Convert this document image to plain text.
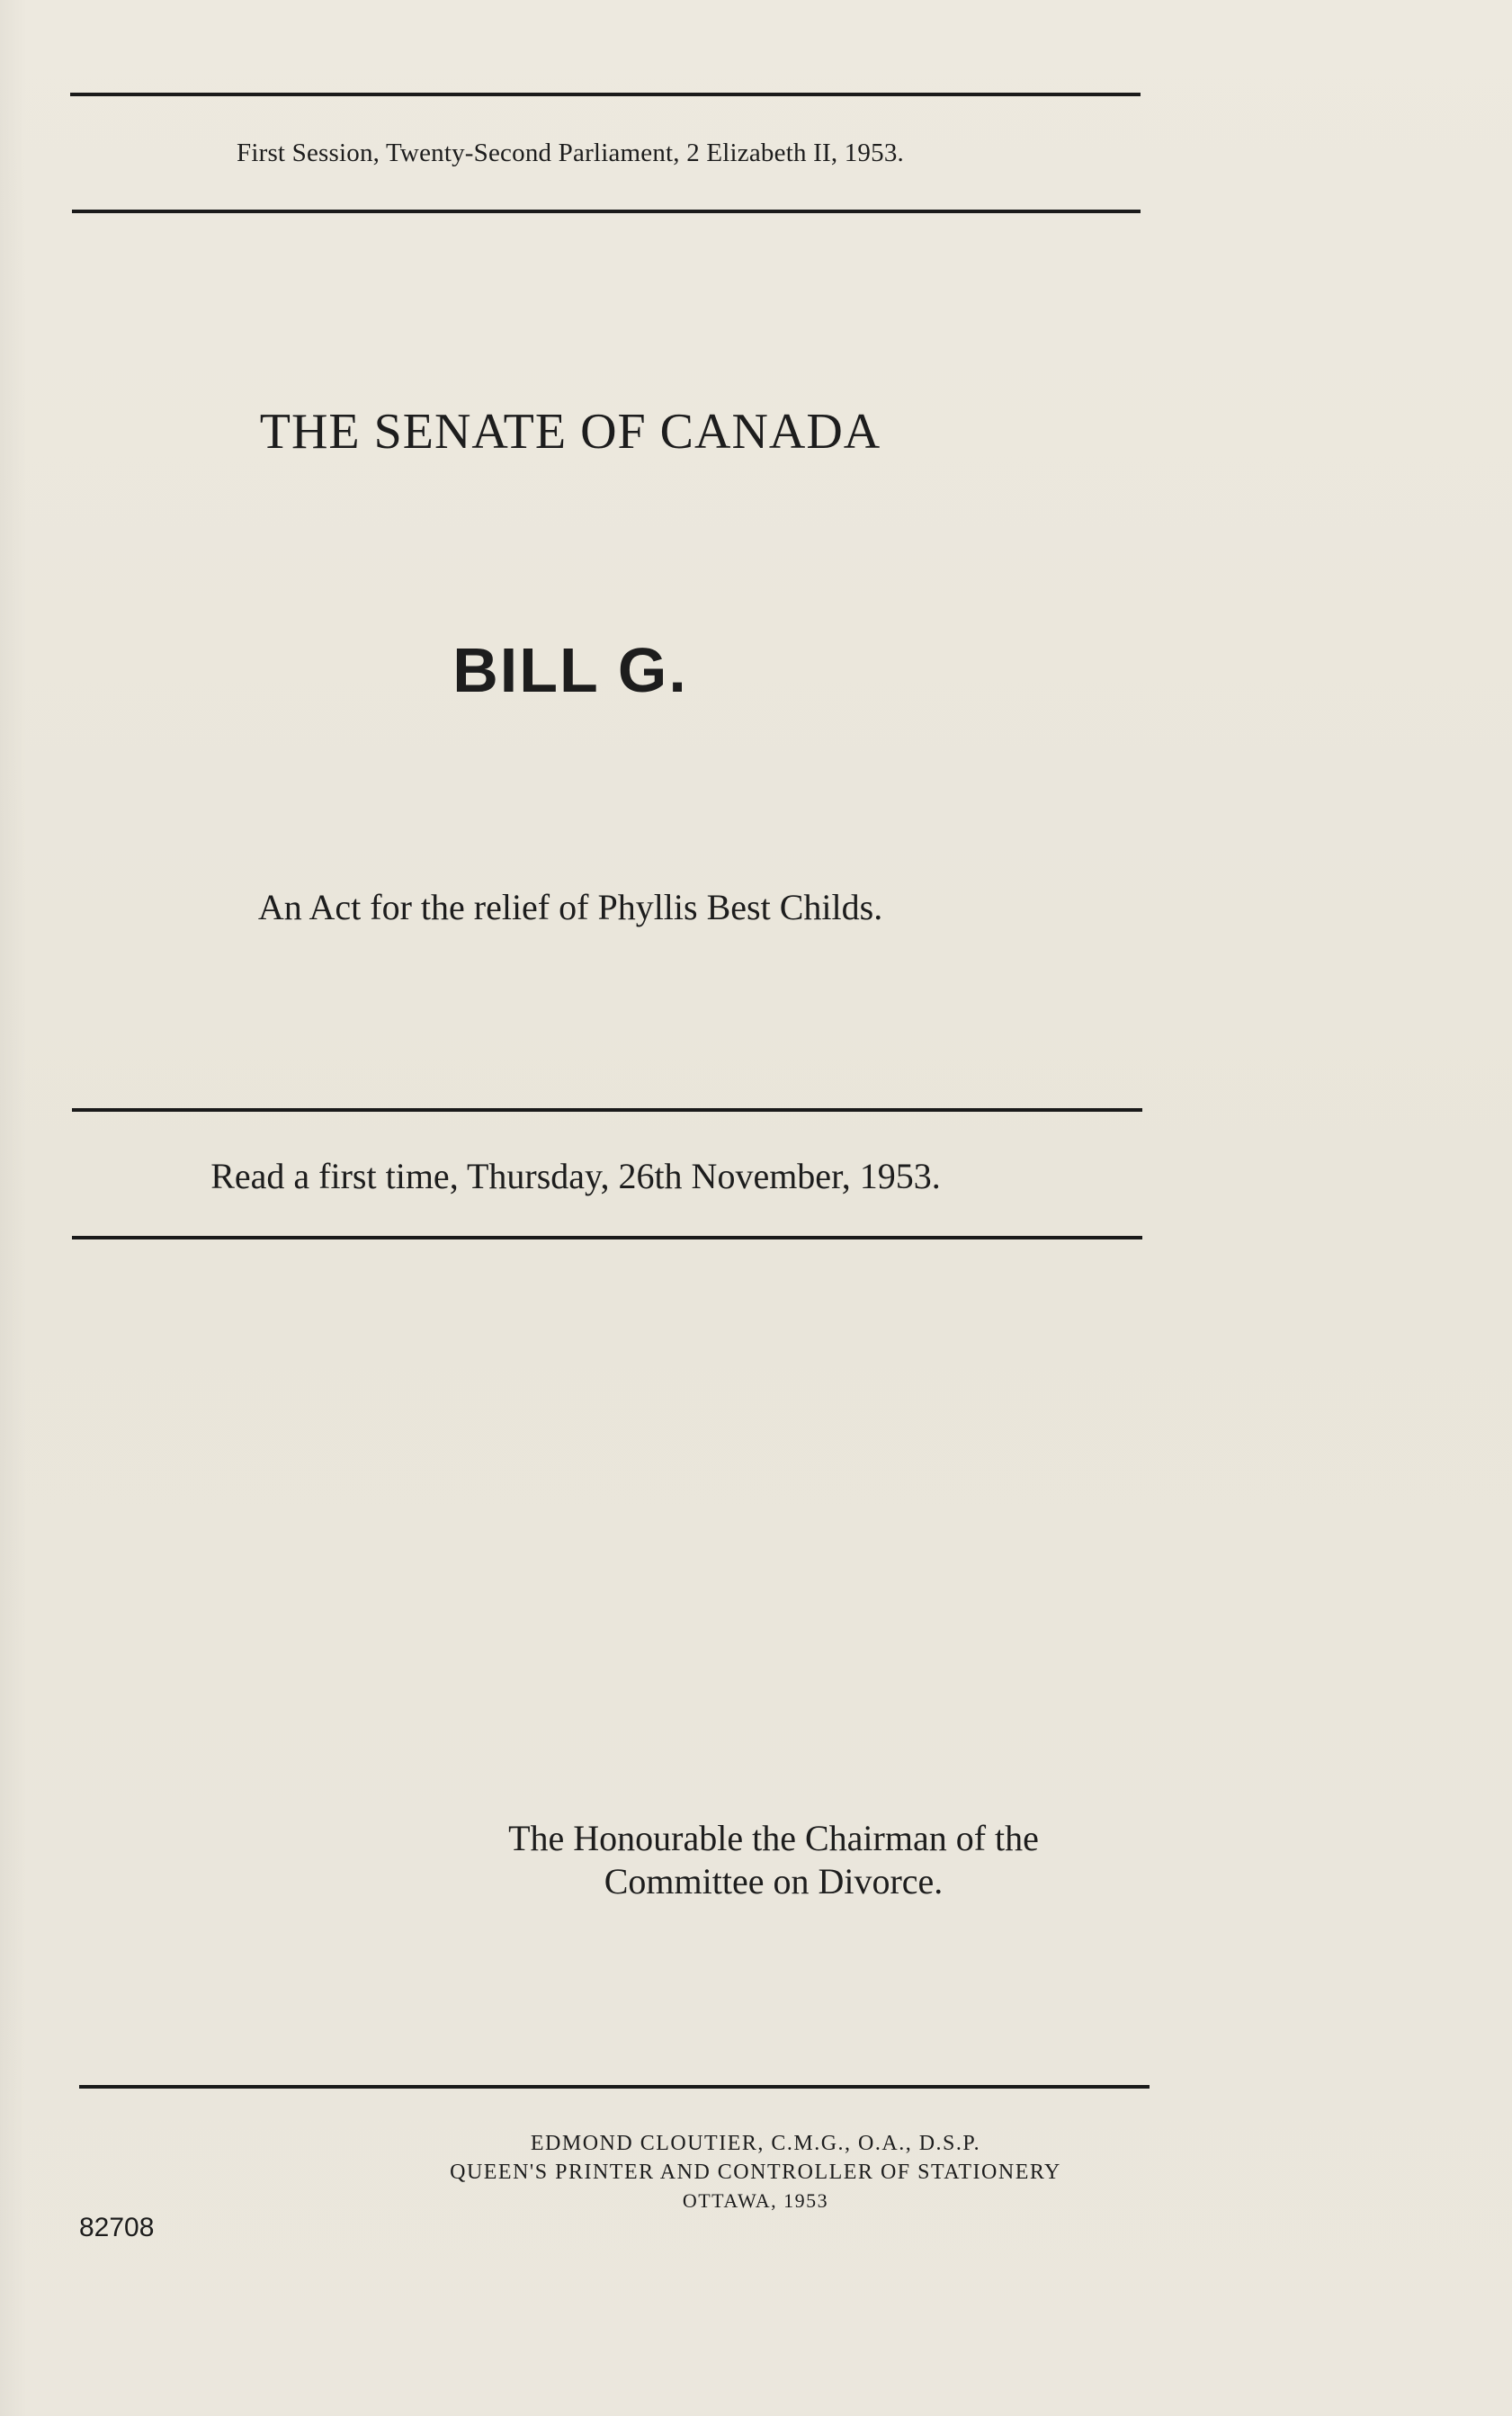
First Session, Twenty-Second Parliament, 2 Elizabeth II, 1953.
THE SENATE OF CANADA
BILL G.
An Act for the relief of Phyllis Best Childs.
Read a first time, Thursday, 26th November, 1953.
The Honourable the Chairman of the
Committee on Divorce.
EDMOND CLOUTIER, C.M.G., O.A., D.S.P.
QUEEN'S PRINTER AND CONTROLLER OF STATIONERY
OTTAWA, 1953
82708
